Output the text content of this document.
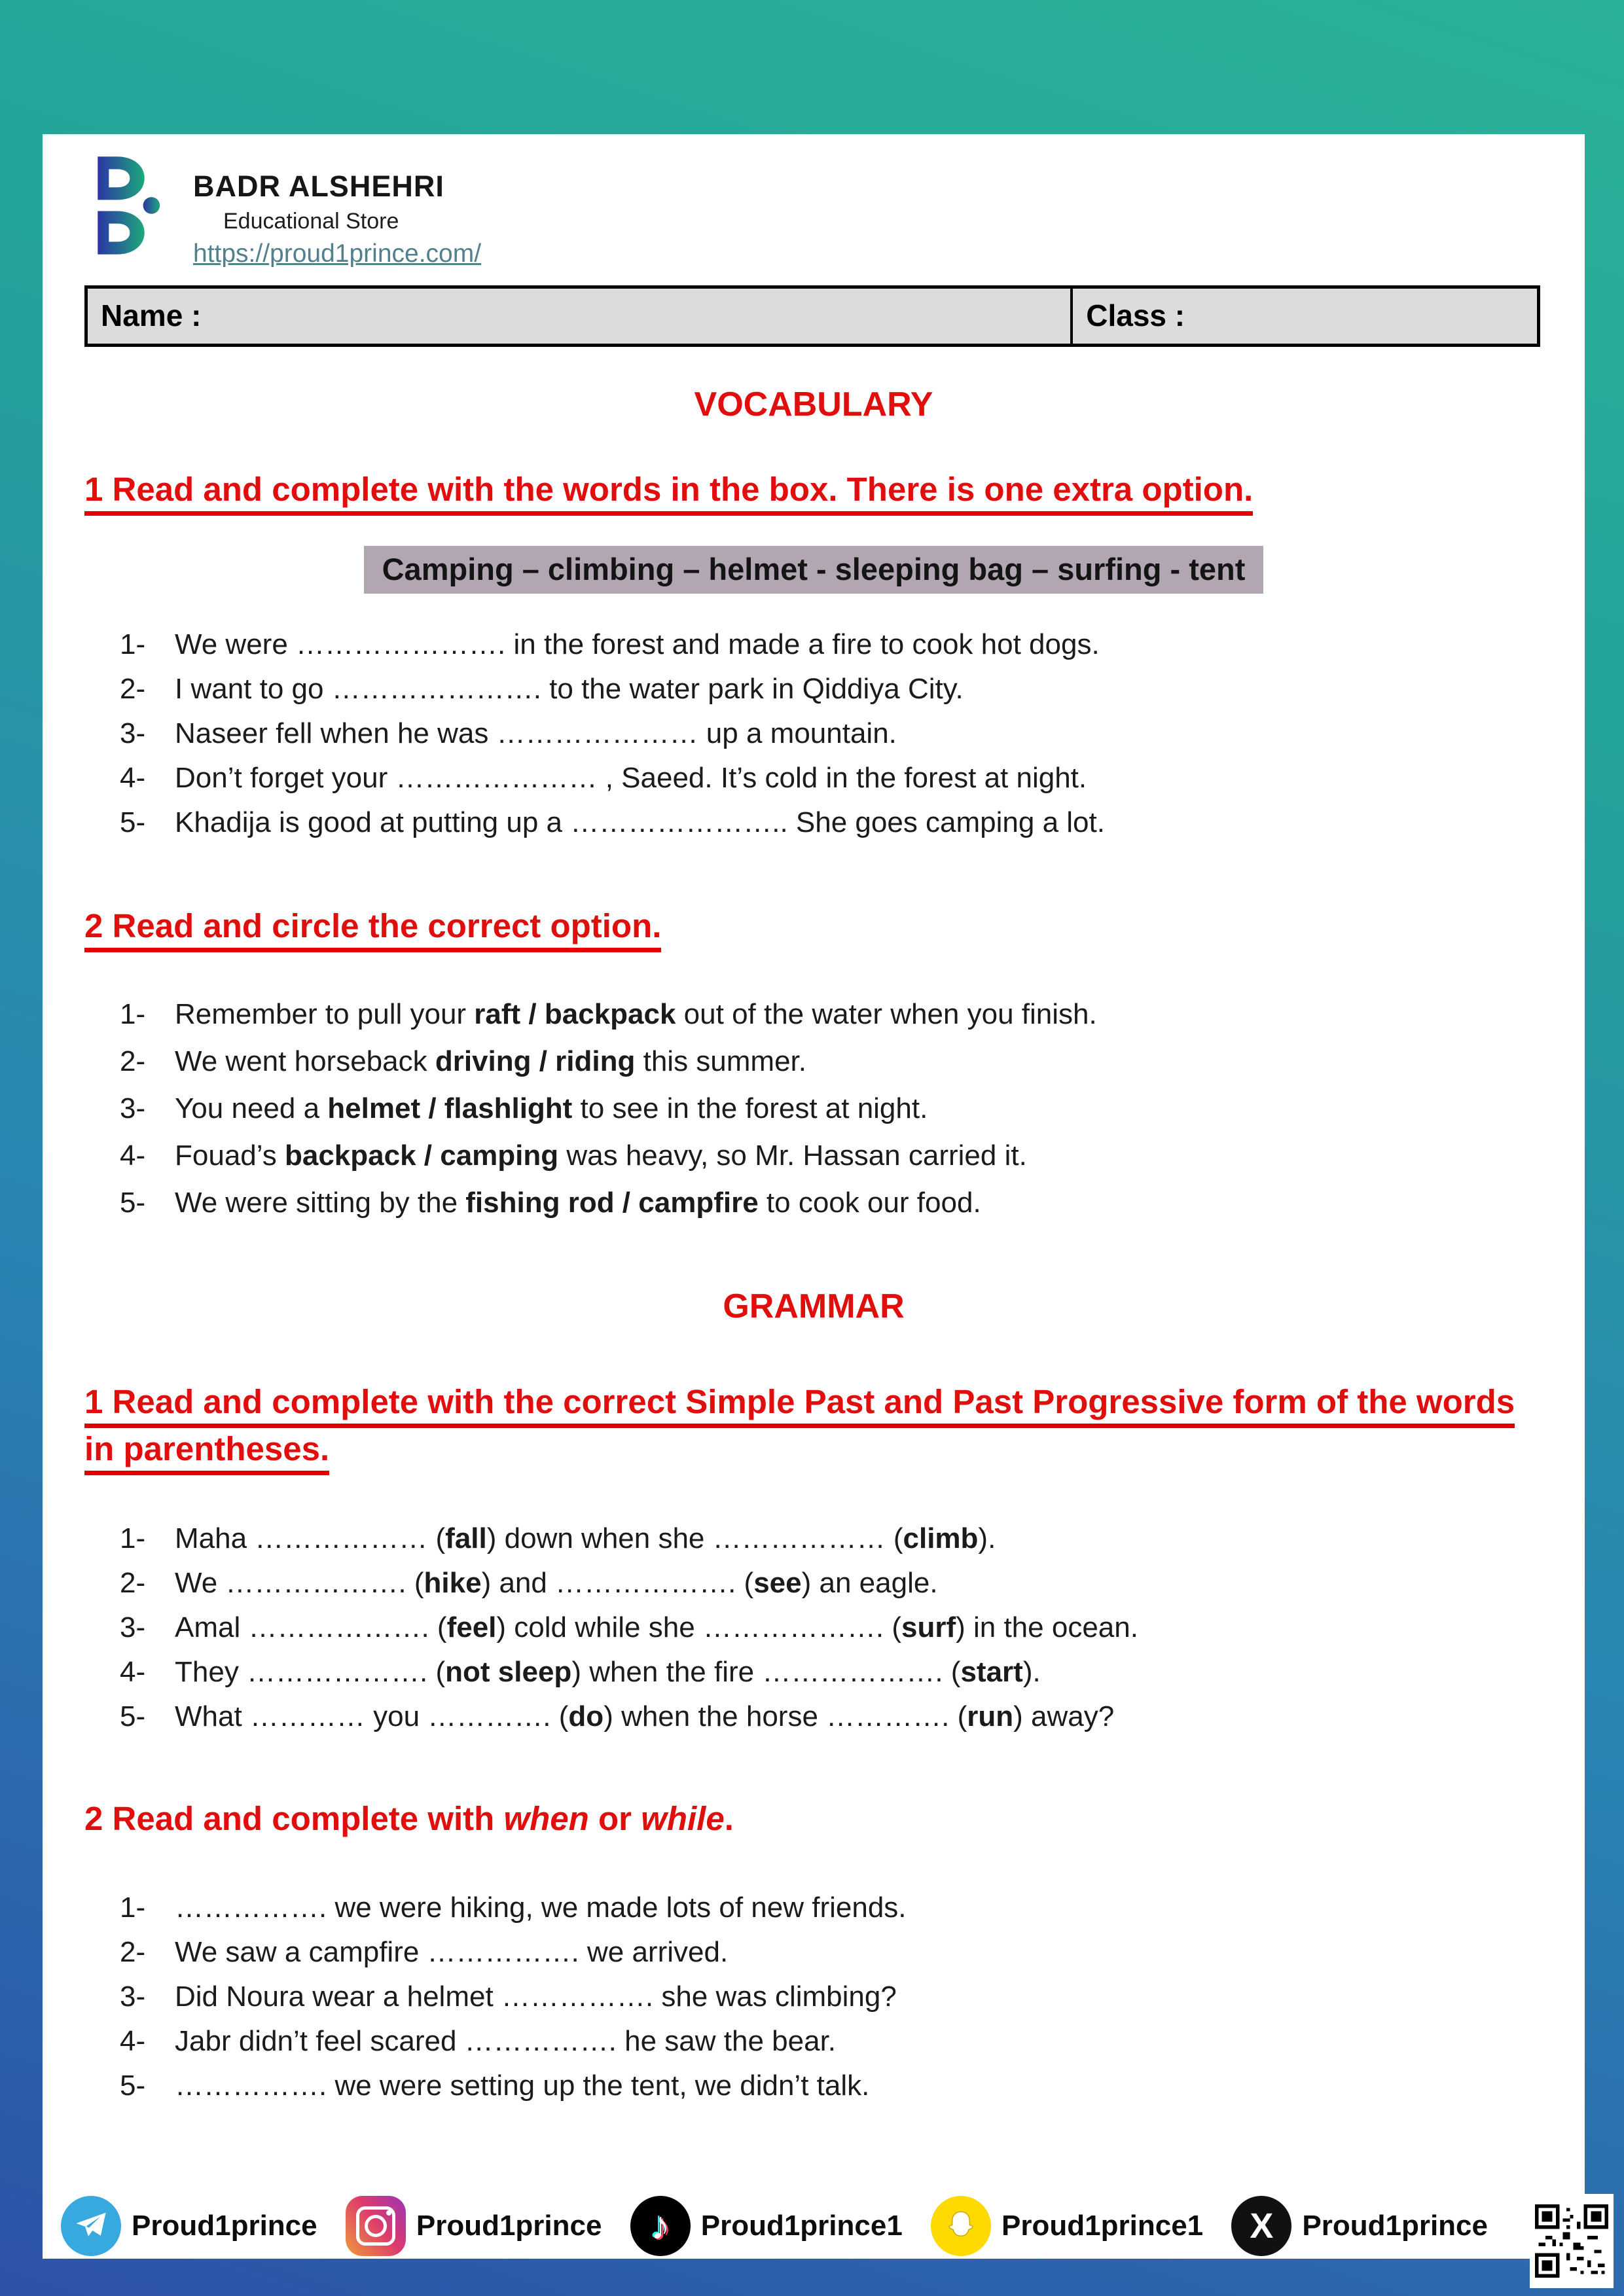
BADR ALSHEHRI
Educational Store
https://proud1prince.com/
Name :	Class :
VOCABULARY
1 Read and complete with the words in the box. There is one extra option.
Camping – climbing – helmet - sleeping bag – surfing - tent
1-	We were …………………. in the forest and made a fire to cook hot dogs.
2-	I want to go …………………. to the water park in Qiddiya City.
3-	Naseer fell when he was ………………… up a mountain.
4-	Don’t forget your ………………… , Saeed. It’s cold in the forest at night.
5-	Khadija is good at putting up a ………………….. She goes camping a lot.
2 Read and circle the correct option.
1-	Remember to pull your raft / backpack out of the water when you finish.
2-	We went horseback driving / riding this summer.
3-	You need a helmet / flashlight to see in the forest at night.
4-	Fouad’s backpack / camping was heavy, so Mr. Hassan carried it.
5-	We were sitting by the fishing rod / campfire to cook our food.
GRAMMAR
1 Read and complete with the correct Simple Past and Past Progressive form of the words in parentheses.
1-	Maha ……………… (fall) down when she ……………… (climb).
2-	We ………………. (hike) and ………………. (see) an eagle.
3-	Amal ………………. (feel) cold while she ………………. (surf) in the ocean.
4-	They ………………. (not sleep) when the fire ………………. (start).
5-	What ………… you …………. (do) when the horse …………. (run) away?
2 Read and complete with when or while.
1-	……………. we were hiking, we made lots of new friends.
2-	We saw a campfire ……………. we arrived.
3-	Did Noura wear a helmet ……………. she was climbing?
4-	Jabr didn’t feel scared ……………. he saw the bear.
5-	……………. we were setting up the tent, we didn’t talk.
Proud1prince	Proud1prince ♪ Proud1prince1	Proud1prince1 X Proud1prince
